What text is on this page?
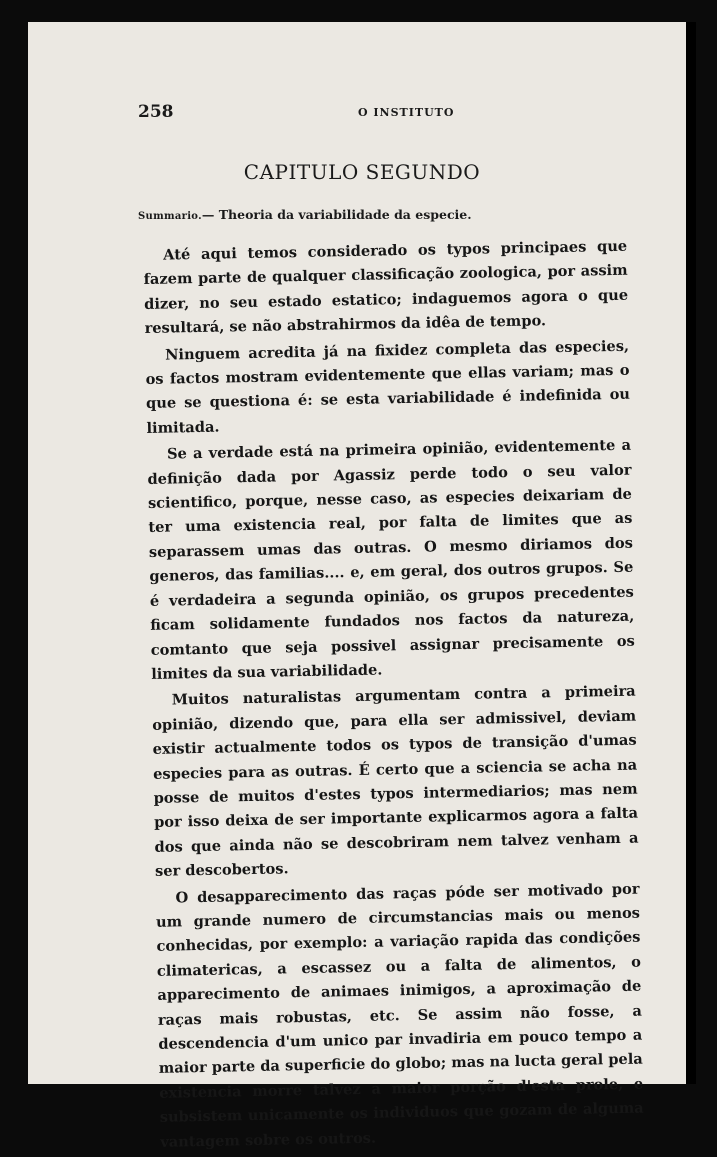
258	O INSTITUTO
CAPITULO SEGUNDO
Summario.— Theoria da variabilidade da especie.

Até aqui temos considerado os typos principaes que fazem parte de qualquer classificação zoologica, por assim dizer, no seu estado estatico; indaguemos agora o que resultará, se não abstrahirmos da idêa de tempo.

Ninguem acredita já na fixidez completa das especies, os factos mostram evidentemente que ellas variam; mas o que se questiona é: se esta variabilidade é indefinida ou limitada.

Se a verdade está na primeira opinião, evidentemente a definição dada por Agassiz perde todo o seu valor scientifico, porque, nesse caso, as especies deixariam de ter uma existencia real, por falta de limites que as separassem umas das outras. O mesmo diriamos dos generos, das familias.... e, em geral, dos outros grupos. Se é verdadeira a segunda opinião, os grupos precedentes ficam solidamente fundados nos factos da natureza, comtanto que seja possivel assignar precisamente os limites da sua variabilidade.

Muitos naturalistas argumentam contra a primeira opinião, dizendo que, para ella ser admissivel, deviam existir actualmente todos os typos de transição d'umas especies para as outras. É certo que a sciencia se acha na posse de muitos d'estes typos intermediarios; mas nem por isso deixa de ser importante explicarmos agora a falta dos que ainda não se descobriram nem talvez venham a ser descobertos.

O desapparecimento das raças póde ser motivado por um grande numero de circumstancias mais ou menos conhecidas, por exemplo: a variação rapida das condições climatericas, a escassez ou a falta de alimentos, o apparecimento de animaes inimigos, a aproximação de raças mais robustas, etc. Se assim não fosse, a descendencia d'um unico par invadiria em pouco tempo a maior parte da superficie do globo; mas na lucta geral pela existencia morre talvez a maior porção d'esta prole, e subsistem unicamente os individuos que gozam de alguma vantagem sobre os outros.
